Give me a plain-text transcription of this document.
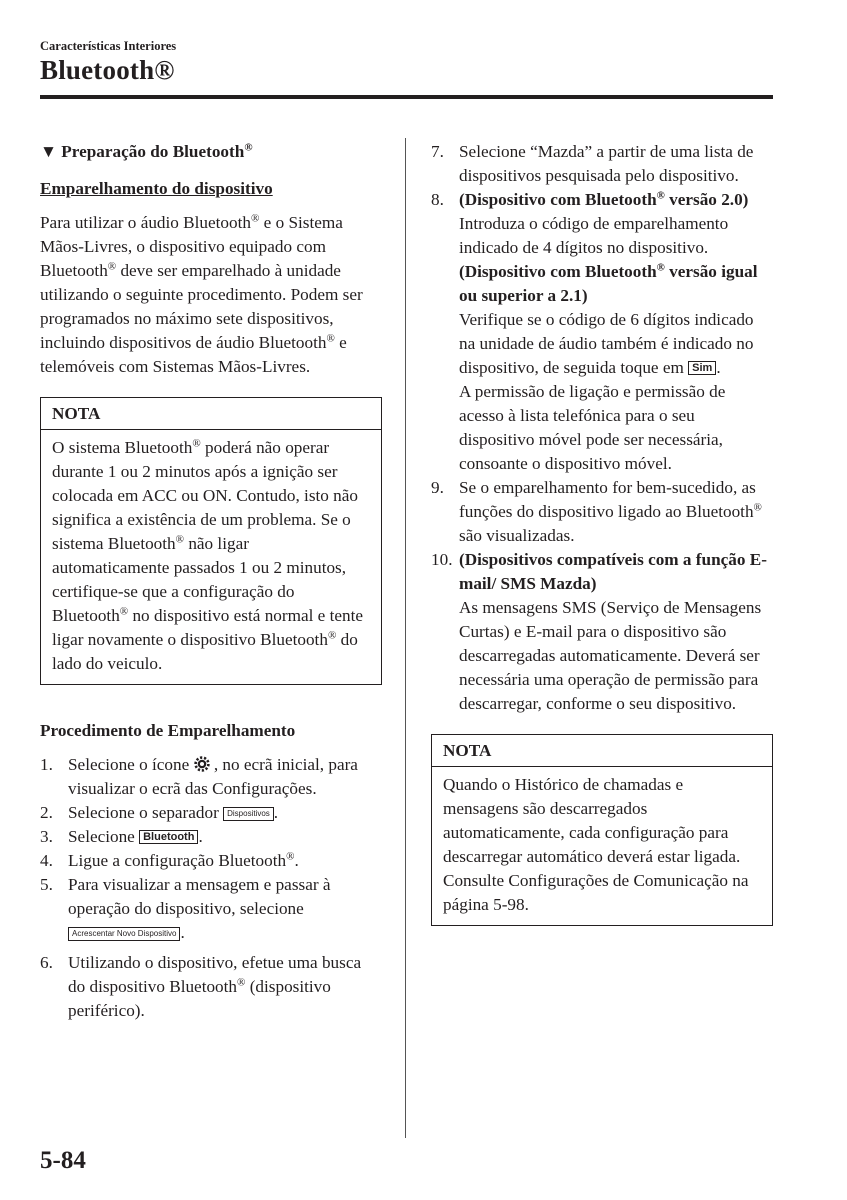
Características Interiores
Bluetooth®

▼ Preparação do Bluetooth®

Emparelhamento do dispositivo

Para utilizar o áudio Bluetooth® e o Sistema Mãos-Livres, o dispositivo equipado com Bluetooth® deve ser emparelhado à unidade utilizando o seguinte procedimento. Podem ser programados no máximo sete dispositivos, incluindo dispositivos de áudio Bluetooth® e telemóveis com Sistemas Mãos-Livres.

NOTA
O sistema Bluetooth® poderá não operar durante 1 ou 2 minutos após a ignição ser colocada em ACC ou ON. Contudo, isto não significa a existência de um problema. Se o sistema Bluetooth® não ligar automaticamente passados 1 ou 2 minutos, certifique-se que a configuração do Bluetooth® no dispositivo está normal e tente ligar novamente o dispositivo Bluetooth® do lado do veiculo.

Procedimento de Emparelhamento

1. Selecione o ícone , no ecrã inicial, para visualizar o ecrã das Configurações.
2. Selecione o separador Dispositivos .
3. Selecione Bluetooth .
4. Ligue a configuração Bluetooth®.
5. Para visualizar a mensagem e passar à operação do dispositivo, selecione Acrescentar Novo Dispositivo .
6. Utilizando o dispositivo, efetue uma busca do dispositivo Bluetooth® (dispositivo periférico).
7. Selecione “Mazda” a partir de uma lista de dispositivos pesquisada pelo dispositivo.
8. (Dispositivo com Bluetooth® versão 2.0)
Introduza o código de emparelhamento indicado de 4 dígitos no dispositivo.
(Dispositivo com Bluetooth® versão igual ou superior a 2.1)
Verifique se o código de 6 dígitos indicado na unidade de áudio também é indicado no dispositivo, de seguida toque em Sim .
A permissão de ligação e permissão de acesso à lista telefónica para o seu dispositivo móvel pode ser necessária, consoante o dispositivo móvel.
9. Se o emparelhamento for bem-sucedido, as funções do dispositivo ligado ao Bluetooth® são visualizadas.
10. (Dispositivos compatíveis com a função E-mail/ SMS Mazda)
As mensagens SMS (Serviço de Mensagens Curtas) e E-mail para o dispositivo são descarregadas automaticamente. Deverá ser necessária uma operação de permissão para descarregar, conforme o seu dispositivo.
NOTA
Quando o Histórico de chamadas e mensagens são descarregados automaticamente, cada configuração para descarregar automático deverá estar ligada.
Consulte Configurações de Comunicação na página 5-98.
5-84
